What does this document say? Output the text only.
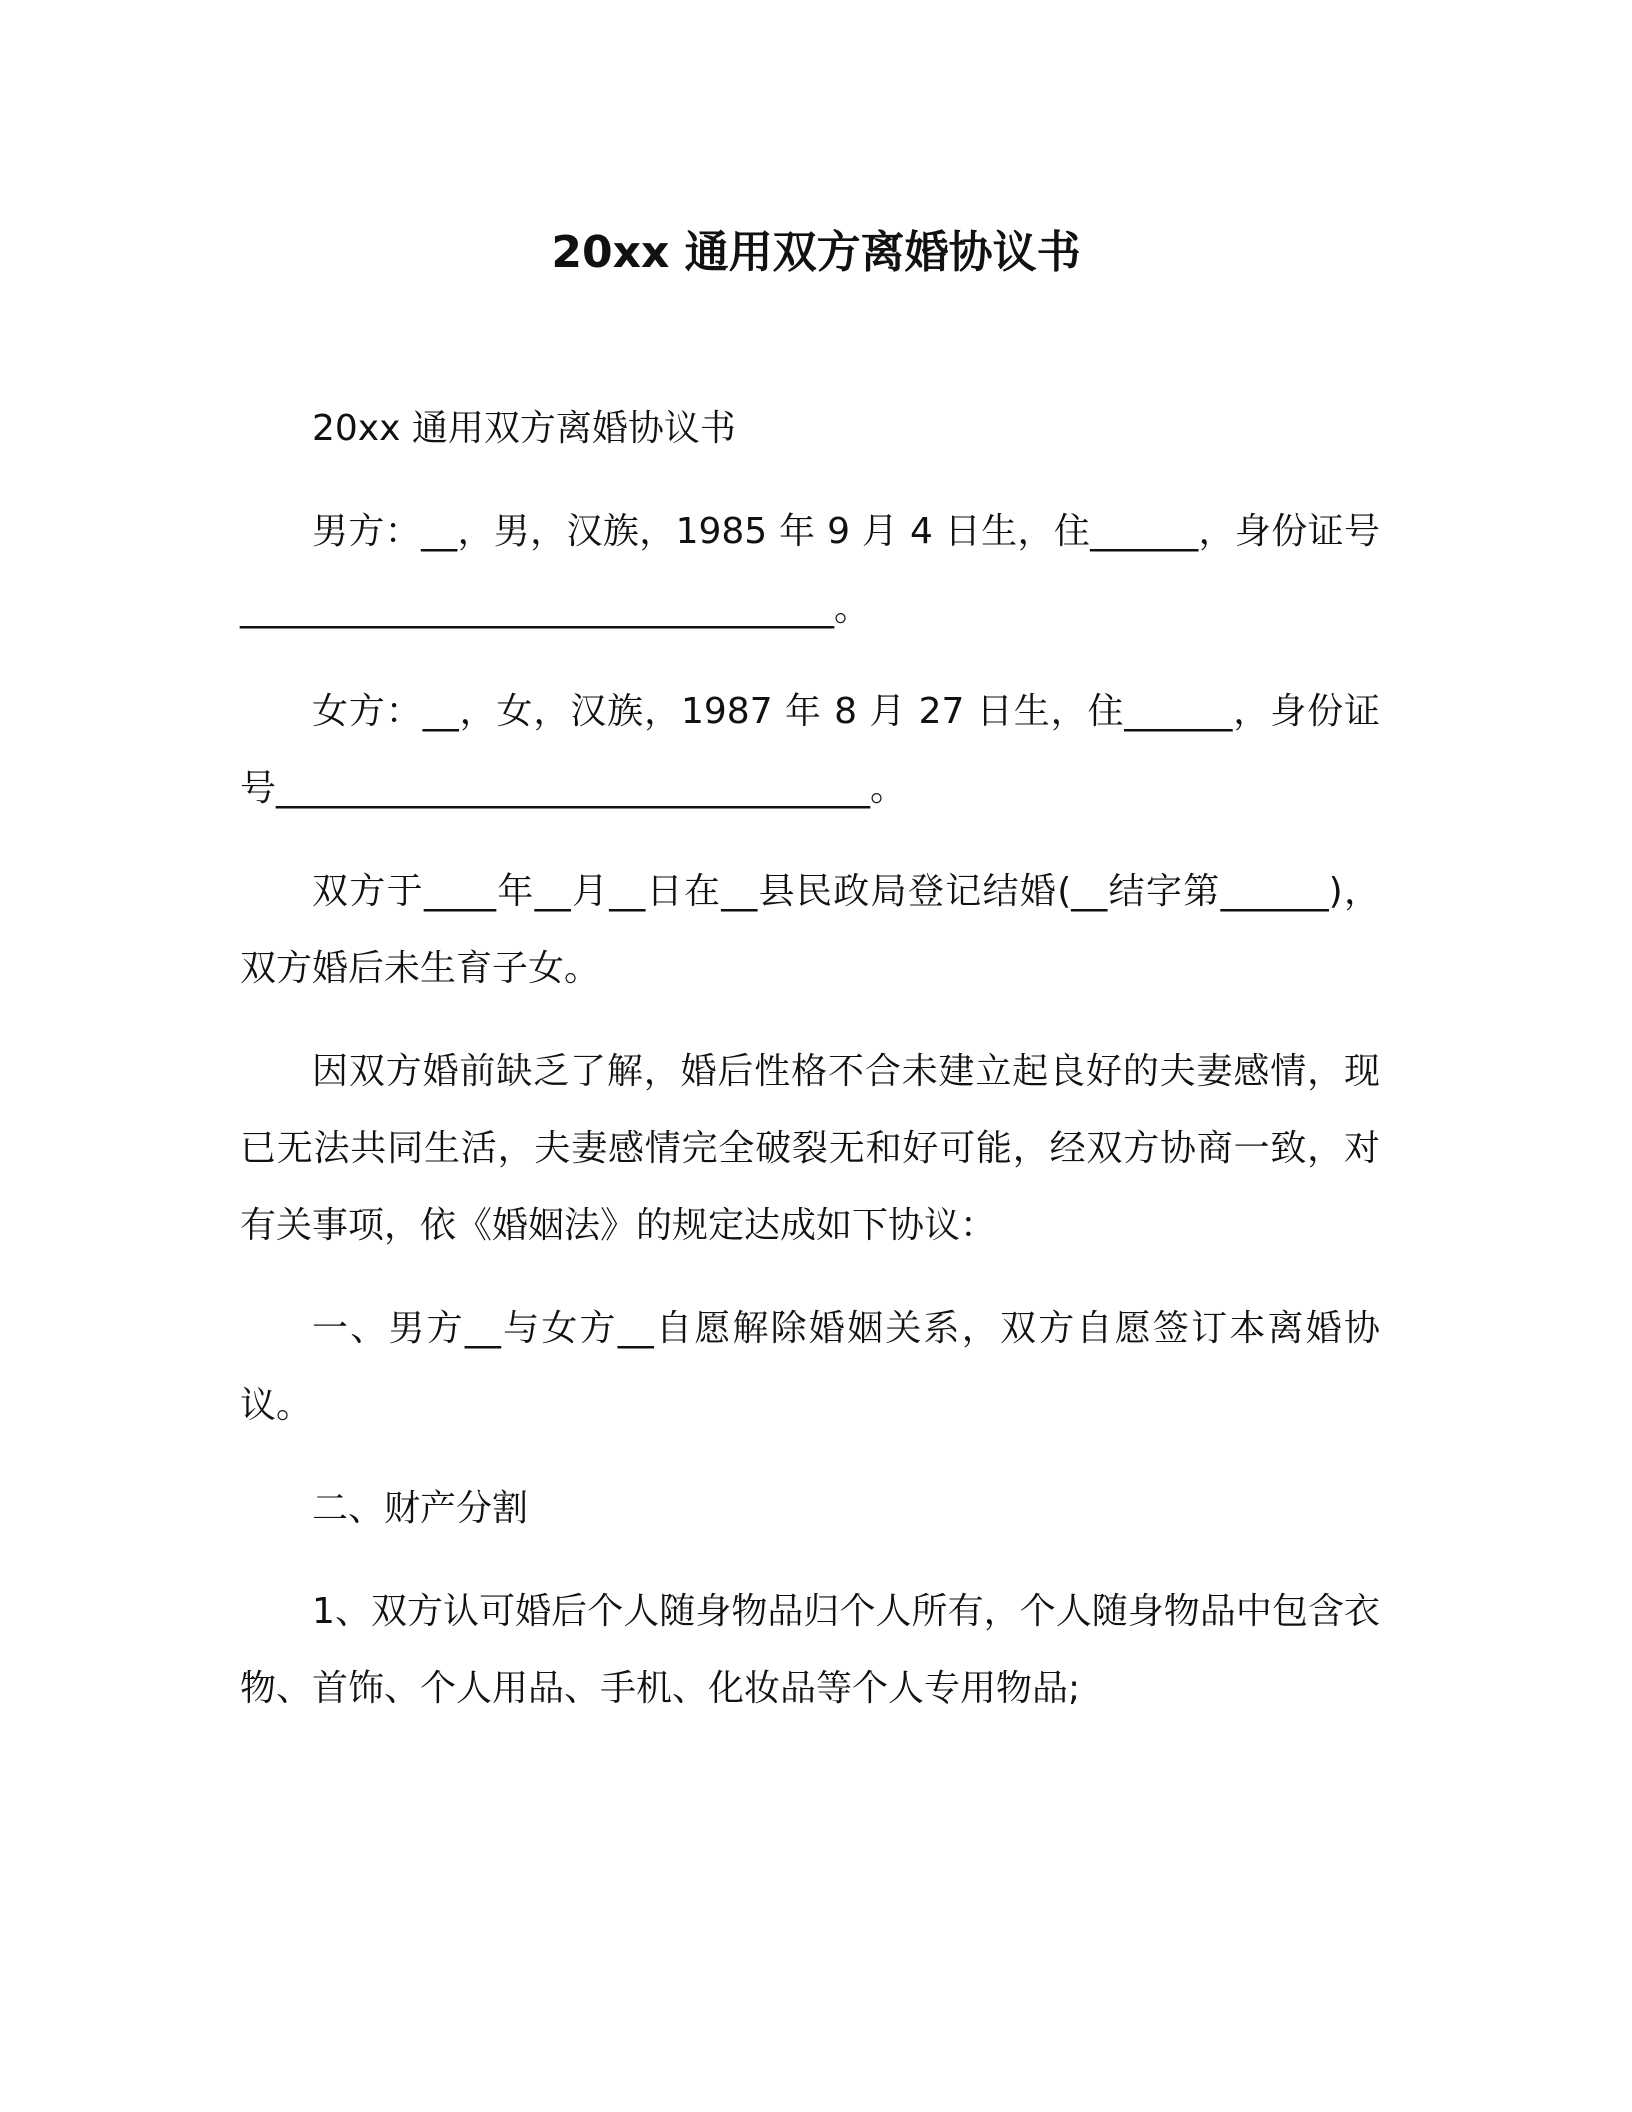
20xx 通用双方离婚协议书

20xx 通用双方离婚协议书

男方：__，男，汉族，1985 年 9 月 4 日生，住______，身份证号_________________________________。

女方：__，女，汉族，1987 年 8 月 27 日生，住______，身份证号_________________________________。

双方于____年__月__日在__县民政局登记结婚(__结字第______)，双方婚后未生育子女。

因双方婚前缺乏了解，婚后性格不合未建立起良好的夫妻感情，现已无法共同生活，夫妻感情完全破裂无和好可能，经双方协商一致，对有关事项，依《婚姻法》的规定达成如下协议：

一、男方__与女方__自愿解除婚姻关系，双方自愿签订本离婚协议。

二、财产分割

1、双方认可婚后个人随身物品归个人所有，个人随身物品中包含衣物、首饰、个人用品、手机、化妆品等个人专用物品;
